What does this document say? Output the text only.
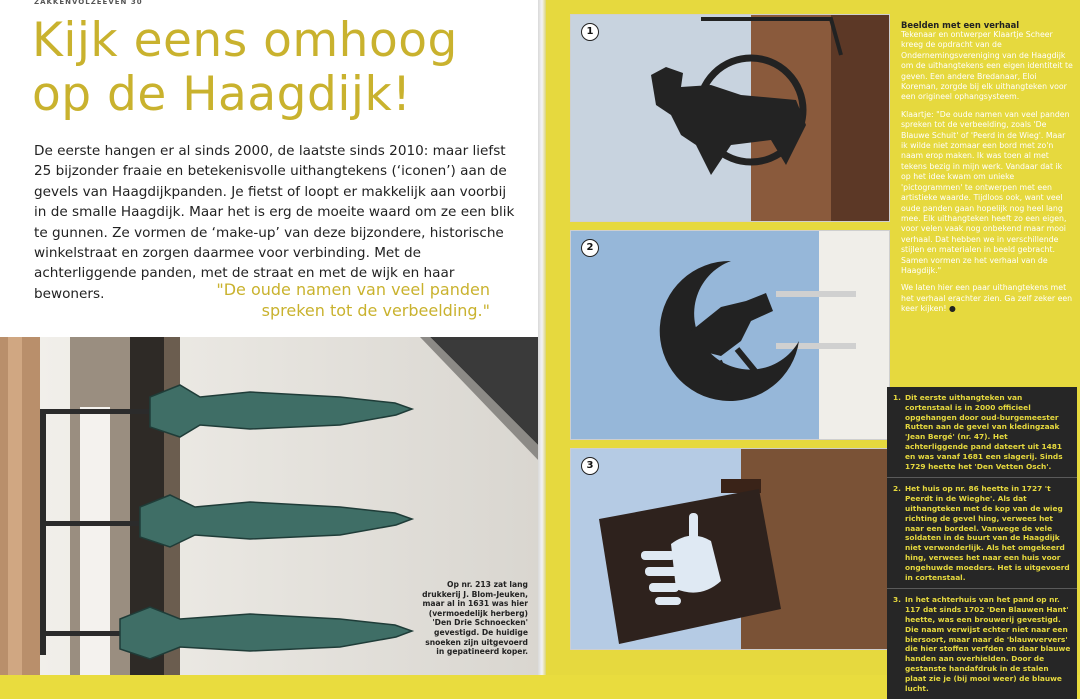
ZAKKENVOLZEEVEN 30
Kijk eens omhoog
op de Haagdijk!

De eerste hangen er al sinds 2000, de laatste sinds 2010: maar liefst 25 bijzonder fraaie en betekenisvolle uithangtekens (‘iconen’) aan de gevels van Haagdijkpanden. Je fietst of loopt er makkelijk aan voorbij in de smalle Haagdijk. Maar het is erg de moeite waard om ze een blik te gunnen. Ze vormen de ‘make-up’ van deze bijzondere, historische winkelstraat en zorgen daarmee voor verbinding. Met de achterliggende panden, met de straat en met de wijk en haar bewoners.	"De oude namen van veel panden
spreken tot de verbeelding."

Op nr. 213 zat lang drukkerij J. Blom-Jeuken, maar al in 1631 was hier (vermoedelijk herberg) 'Den Drie Schnoecken' gevestigd. De huidige snoeken zijn uitgevoerd in gepatineerd koper.

1
2
3
Beelden met een verhaal

Tekenaar en ontwerper Klaartje Scheer kreeg de opdracht van de Ondernemingsvereniging van de Haagdijk om de uithangtekens een eigen identiteit te geven. Een andere Bredanaar, Eloi Koreman, zorgde bij elk uithangteken voor een origineel ophangsysteem.

Klaartje: "De oude namen van veel panden spreken tot de verbeelding, zoals 'De Blauwe Schuit' of 'Peerd in de Wieg'. Maar ik wilde niet zomaar een bord met zo'n naam erop maken. Ik was toen al met tekens bezig in mijn werk. Vandaar dat ik op het idee kwam om unieke 'pictogrammen' te ontwerpen met een artistieke waarde. Tijdloos ook, want veel oude panden gaan hopelijk nog heel lang mee. Elk uithangteken heeft zo een eigen, voor velen vaak nog onbekend maar mooi verhaal. Dat hebben we in verschillende stijlen en materialen in beeld gebracht. Samen vormen ze het verhaal van de Haagdijk."

We laten hier een paar uithangtekens met het verhaal erachter zien. Ga zelf zeker een keer kijken! ●

1. Dit eerste uithangteken van cortenstaal is in 2000 officieel opgehangen door oud-burgemeester Rutten aan de gevel van kledingzaak 'Jean Bergé' (nr. 47). Het achterliggende pand dateert uit 1481 en was vanaf 1681 een slagerij. Sinds 1729 heette het 'Den Vetten Osch'.
2. Het huis op nr. 86 heette in 1727 't Peerdt in de Wieghe'. Als dat uithangteken met de kop van de wieg richting de gevel hing, verwees het naar een bordeel. Vanwege de vele soldaten in de buurt van de Haagdijk niet verwonderlijk. Als het omgekeerd hing, verwees het naar een huis voor ongehuwde moeders. Het is uitgevoerd in cortenstaal.
3. In het achterhuis van het pand op nr. 117 dat sinds 1702 'Den Blauwen Hant' heette, was een brouwerij gevestigd. Die naam verwijst echter niet naar een biersoort, maar naar de 'blauwververs' die hier stoffen verfden en daar blauwe handen aan overhielden. Door de gestanste handafdruk in de stalen plaat zie je (bij mooi weer) de blauwe lucht.
